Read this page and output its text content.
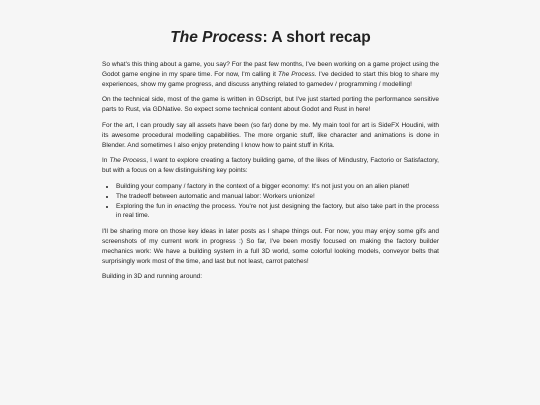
The Process: A short recap

So what's this thing about a game, you say? For the past few months, I've been working on a game project using the Godot game engine in my spare time. For now, I'm calling it The Process. I've decided to start this blog to share my experiences, show my game progress, and discuss anything related to gamedev / programming / modelling!

On the technical side, most of the game is written in GDscript, but I've just started porting the performance sensitive parts to Rust, via GDNative. So expect some technical content about Godot and Rust in here!

For the art, I can proudly say all assets have been (so far) done by me. My main tool for art is SideFX Houdini, with its awesome procedural modelling capabilities. The more organic stuff, like character and animations is done in Blender. And sometimes I also enjoy pretending I know how to paint stuff in Krita.

In The Process, I want to explore creating a factory building game, of the likes of Mindustry, Factorio or Satisfactory, but with a focus on a few distinguishing key points:

• Building your company / factory in the context of a bigger economy: It's not just you on an alien planet!
• The tradeoff between automatic and manual labor: Workers unionize!
• Exploring the fun in enacting the process. You're not just designing the factory, but also take part in the process in real time.

I'll be sharing more on those key ideas in later posts as I shape things out. For now, you may enjoy some gifs and screenshots of my current work in progress :) So far, I've been mostly focused on making the factory builder mechanics work: We have a building system in a full 3D world, some colorful looking models, conveyor belts that surprisingly work most of the time, and last but not least, carrot patches!

Building in 3D and running around:
